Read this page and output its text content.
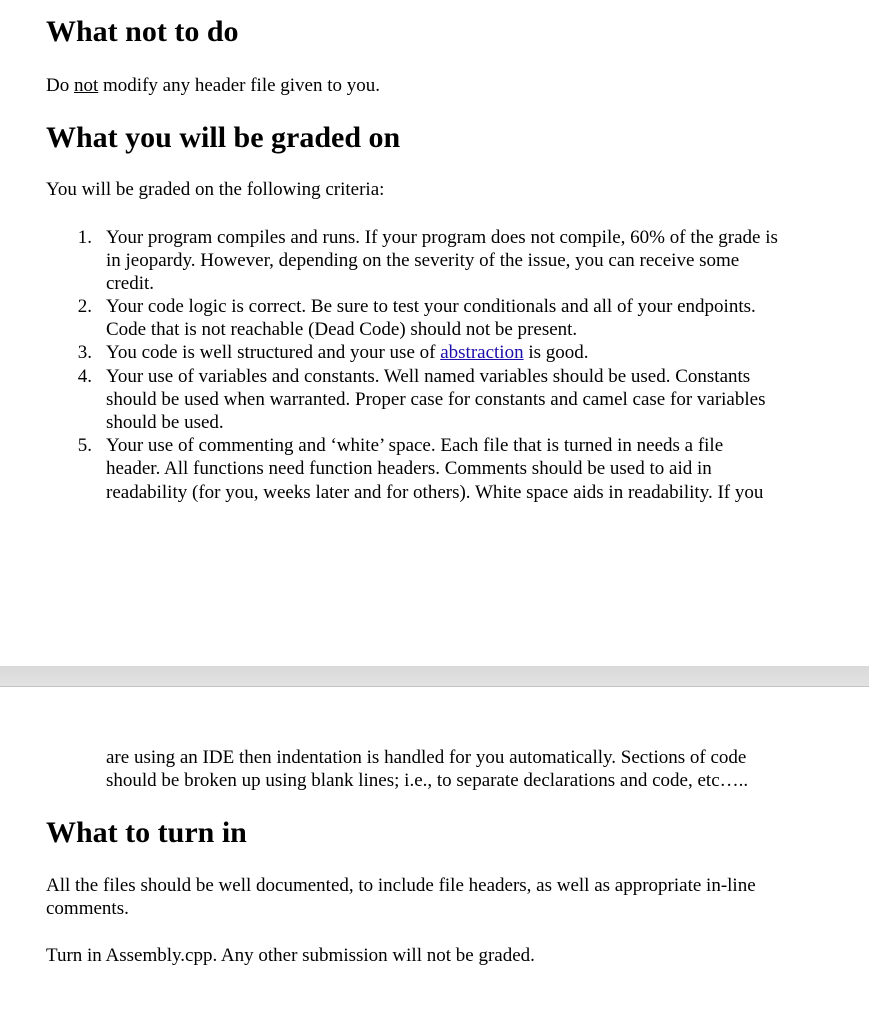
What not to do
Do not modify any header file given to you.
What you will be graded on
You will be graded on the following criteria:
1. Your program compiles and runs. If your program does not compile, 60% of the grade is
in jeopardy. However, depending on the severity of the issue, you can receive some
credit.
2. Your code logic is correct. Be sure to test your conditionals and all of your endpoints.
Code that is not reachable (Dead Code) should not be present.
3. You code is well structured and your use of abstraction is good.
4. Your use of variables and constants. Well named variables should be used. Constants
should be used when warranted. Proper case for constants and camel case for variables
should be used.
5. Your use of commenting and ‘white’ space. Each file that is turned in needs a file
header. All functions need function headers. Comments should be used to aid in
readability (for you, weeks later and for others). White space aids in readability. If you
are using an IDE then indentation is handled for you automatically. Sections of code
should be broken up using blank lines; i.e., to separate declarations and code, etc…..
What to turn in
All the files should be well documented, to include file headers, as well as appropriate in-line
comments.
Turn in Assembly.cpp. Any other submission will not be graded.
